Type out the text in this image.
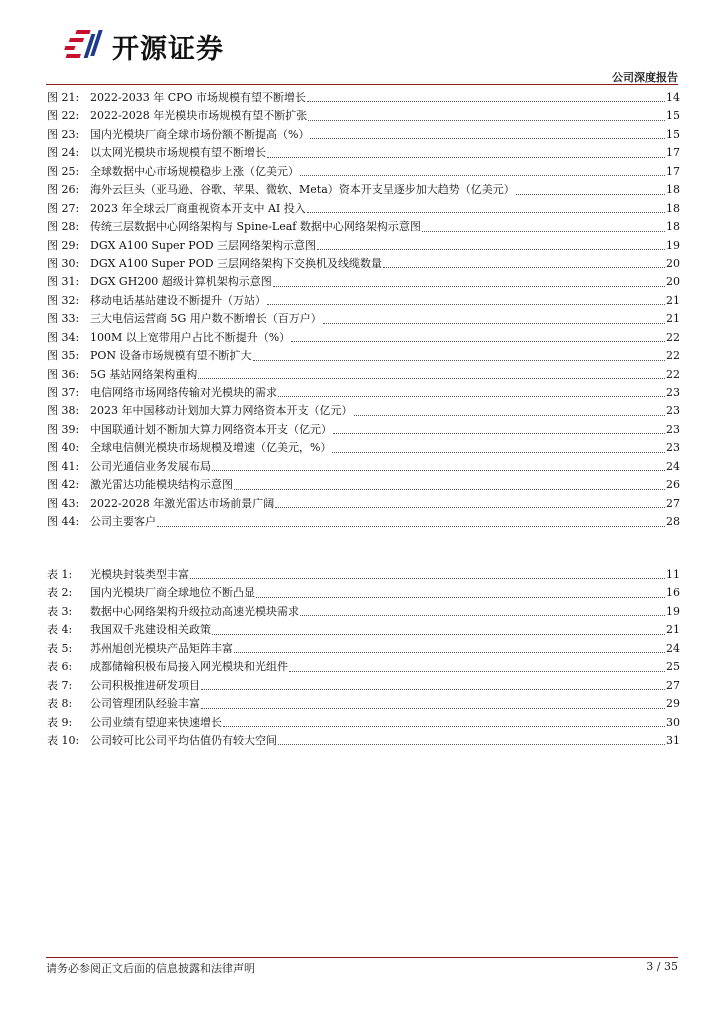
开源证券
公司深度报告
图 21: 2022-2033 年 CPO 市场规模有望不断增长	14
图 22: 2022-2028 年光模块市场规模有望不断扩张	15
图 23: 国内光模块厂商全球市场份额不断提高（%）	15
图 24: 以太网光模块市场规模有望不断增长	17
图 25: 全球数据中心市场规模稳步上涨（亿美元）	17
图 26: 海外云巨头（亚马逊、谷歌、苹果、微软、Meta）资本开支呈逐步加大趋势（亿美元）	18
图 27: 2023 年全球云厂商重视资本开支中 AI 投入	18
图 28: 传统三层数据中心网络架构与 Spine-Leaf 数据中心网络架构示意图	18
图 29: DGX A100 Super POD 三层网络架构示意图	19
图 30: DGX A100 Super POD 三层网络架构下交换机及线缆数量	20
图 31: DGX GH200 超级计算机架构示意图	20
图 32: 移动电话基站建设不断提升（万站）	21
图 33: 三大电信运营商 5G 用户数不断增长（百万户）	21
图 34: 100M 以上宽带用户占比不断提升（%）	22
图 35: PON 设备市场规模有望不断扩大	22
图 36: 5G 基站网络架构重构	22
图 37: 电信网络市场网络传输对光模块的需求	23
图 38: 2023 年中国移动计划加大算力网络资本开支（亿元）	23
图 39: 中国联通计划不断加大算力网络资本开支（亿元）	23
图 40: 全球电信侧光模块市场规模及增速（亿美元，%）	23
图 41: 公司光通信业务发展布局	24
图 42: 激光雷达功能模块结构示意图	26
图 43: 2022-2028 年激光雷达市场前景广阔	27
图 44: 公司主要客户	28
表 1:	光模块封装类型丰富	11
表 2:	国内光模块厂商全球地位不断凸显	16
表 3:	数据中心网络架构升级拉动高速光模块需求	19
表 4:	我国双千兆建设相关政策	21
表 5:	苏州旭创光模块产品矩阵丰富	24
表 6:	成都储翰积极布局接入网光模块和光组件	25
表 7:	公司积极推进研发项目	27
表 8:	公司管理团队经验丰富	29
表 9:	公司业绩有望迎来快速增长	30
表 10: 公司较可比公司平均估值仍有较大空间	31
请务必参阅正文后面的信息披露和法律声明	3 / 35
